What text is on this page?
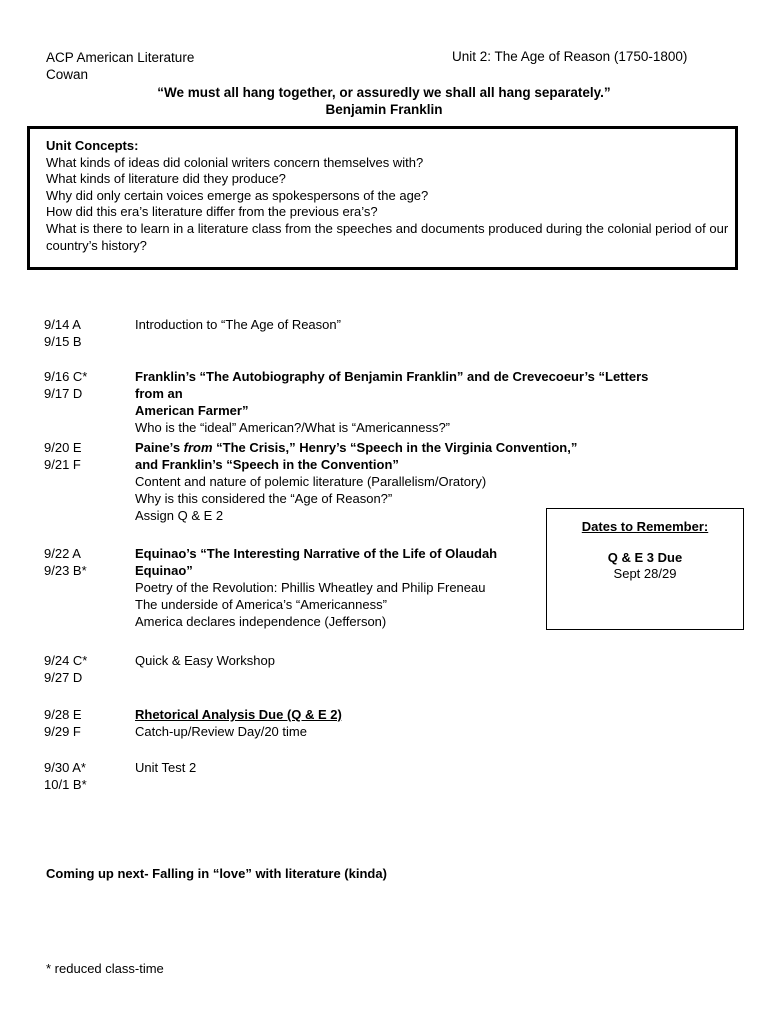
ACP American Literature
Cowan
Unit 2: The Age of Reason (1750-1800)
“We must all hang together, or assuredly we shall all hang separately.”
Benjamin Franklin
Unit Concepts:
What kinds of ideas did colonial writers concern themselves with?
What kinds of literature did they produce?
Why did only certain voices emerge as spokespersons of the age?
How did this era’s literature differ from the previous era’s?
What is there to learn in a literature class from the speeches and documents produced during the colonial period of our
country’s history?
9/14 A
9/15 B
Introduction to “The Age of Reason”
9/16 C*
9/17 D
Franklin’s “The Autobiography of Benjamin Franklin” and de Crevecoeur’s “Letters from an
American Farmer”
Who is the “ideal” American?/What is “Americanness?”
9/20 E
9/21 F
Paine’s from “The Crisis,” Henry’s “Speech in the Virginia Convention,”
and Franklin’s “Speech in the Convention”
Content and nature of polemic literature (Parallelism/Oratory)
Why is this considered the “Age of Reason?”
Assign Q & E 2
9/22 A
9/23 B*
Equinao’s “The Interesting Narrative of the Life of Olaudah
Equinao”
Poetry of the Revolution: Phillis Wheatley and Philip Freneau
The underside of America’s “Americanness”
America declares independence (Jefferson)
9/24 C*
9/27 D
Quick & Easy Workshop
9/28 E
9/29 F
Rhetorical Analysis Due (Q & E 2)
Catch-up/Review Day/20 time
9/30 A*
10/1 B*
Unit Test 2
Dates to Remember:
Q & E 3 Due
Sept 28/29
Coming up next- Falling in “love” with literature (kinda)
* reduced class-time
